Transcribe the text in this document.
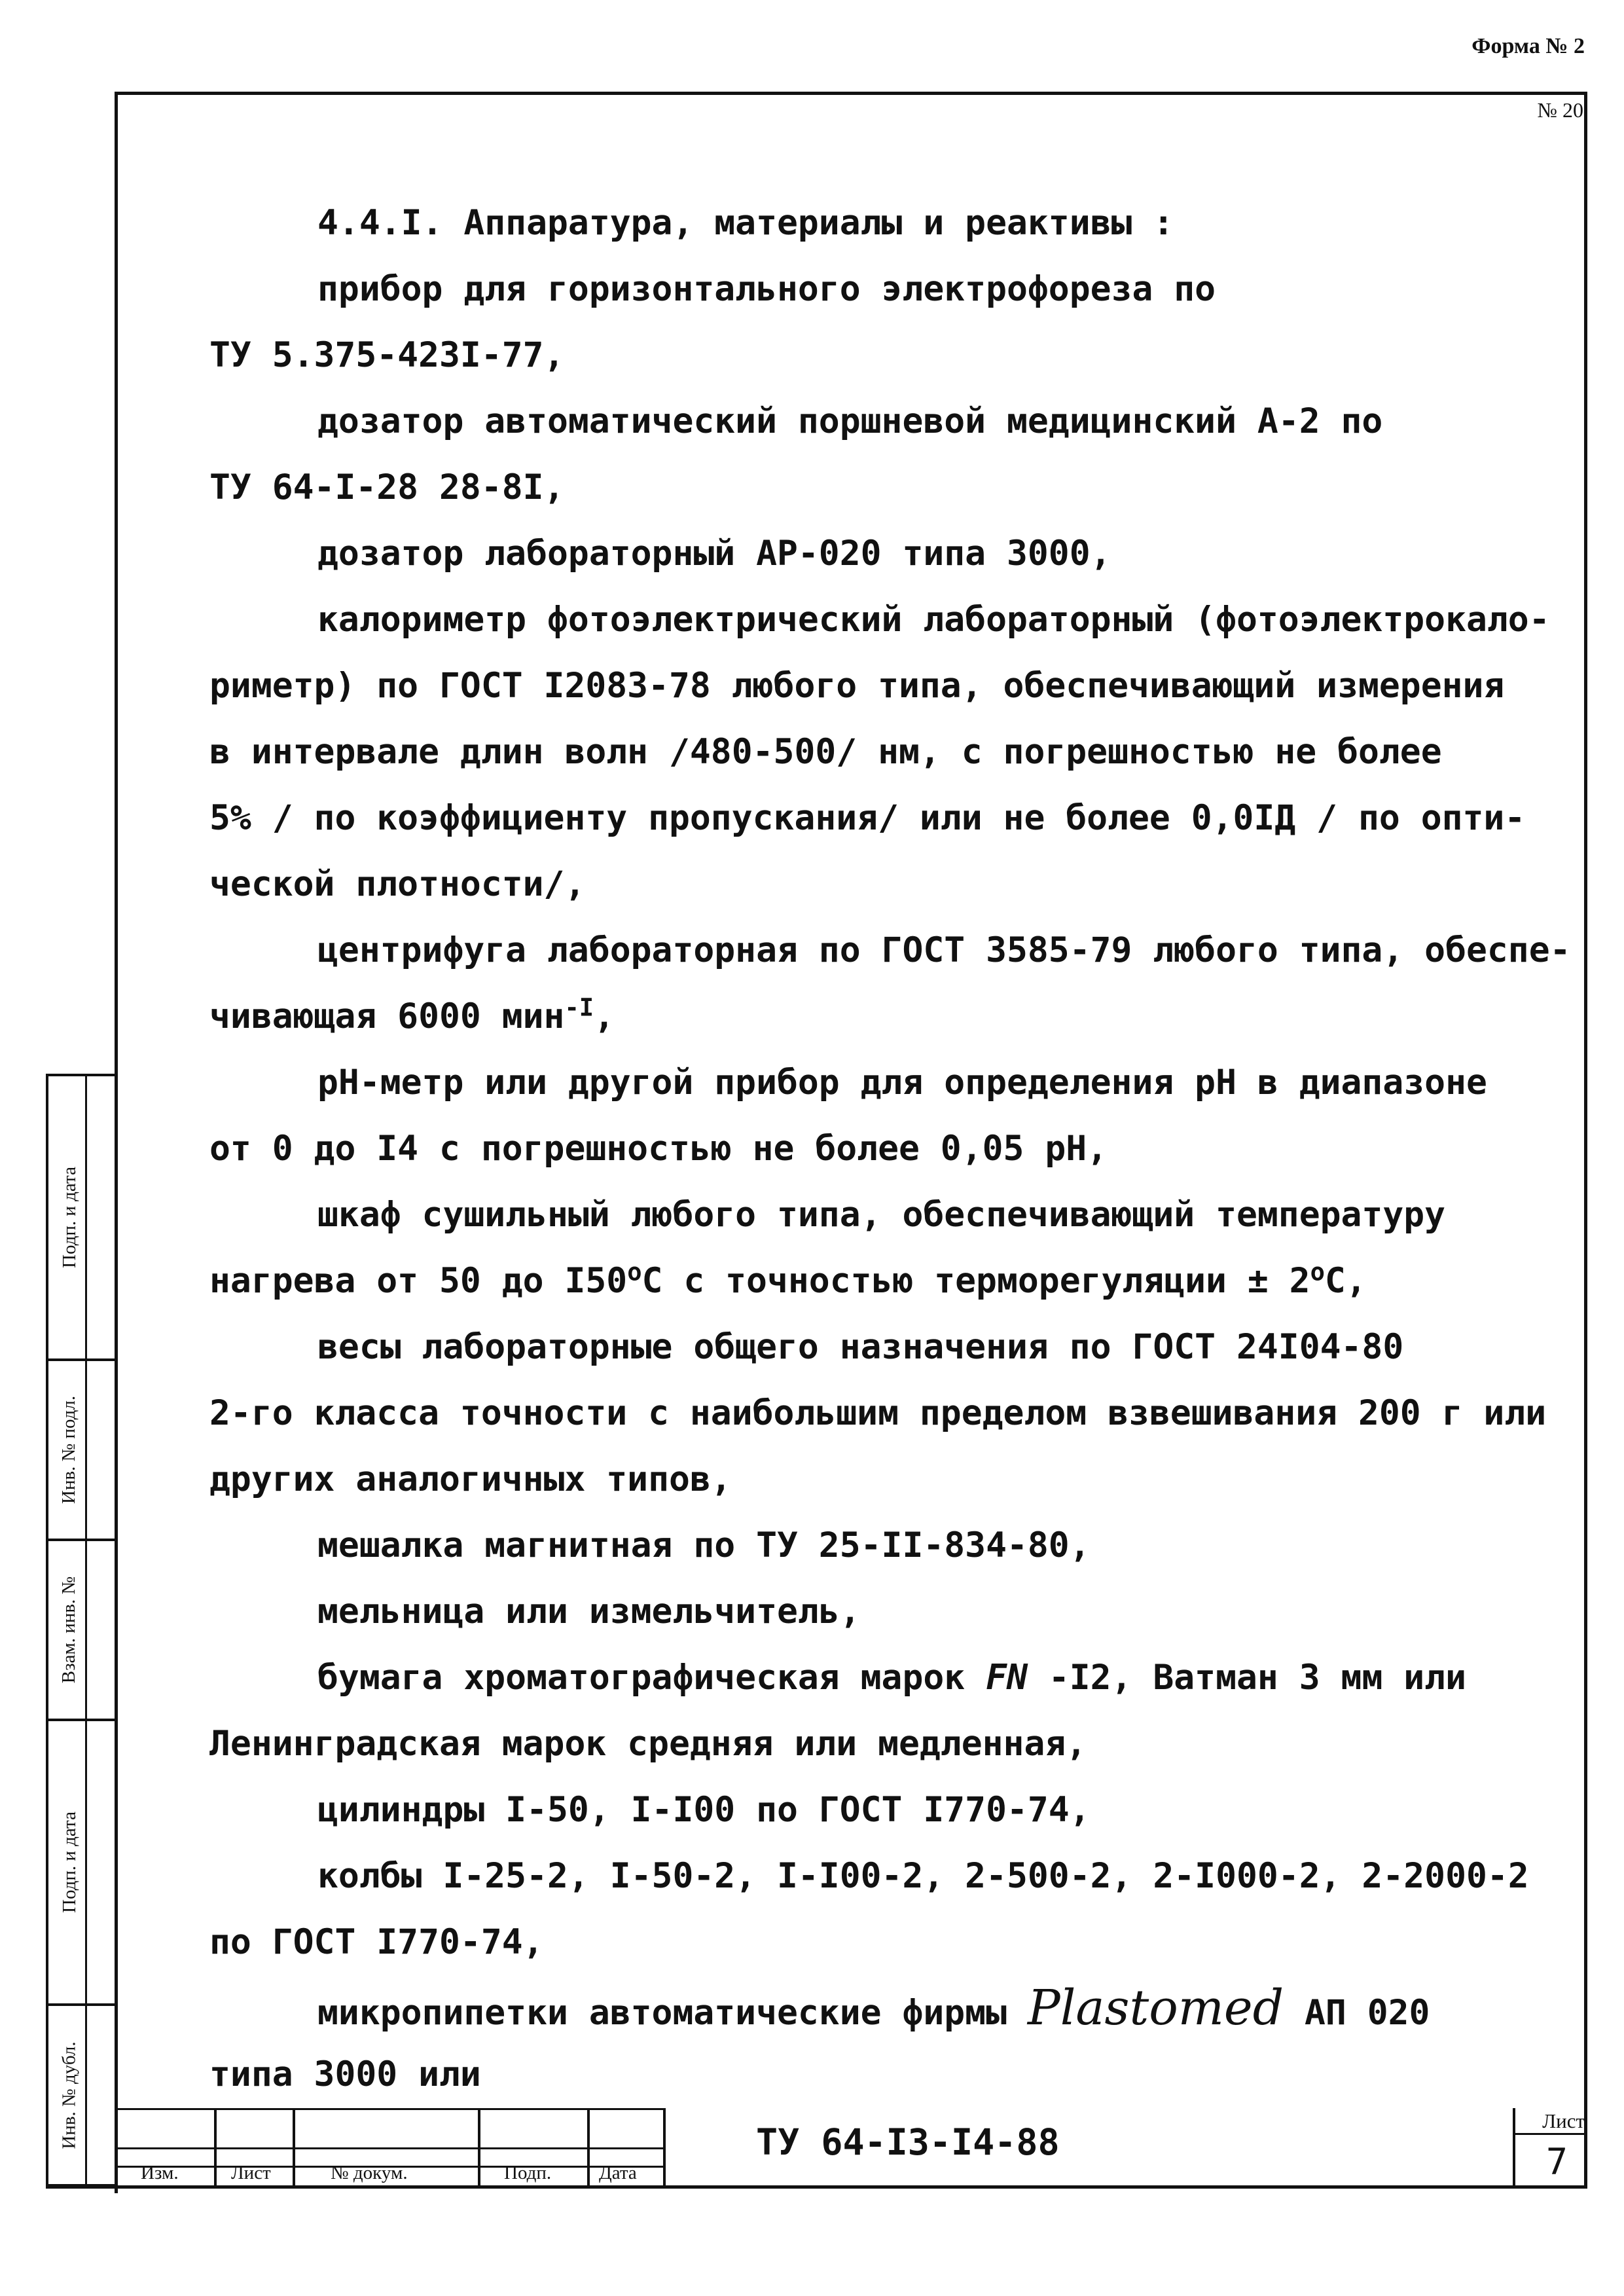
Форма № 2
№ 20
4.4.I. Аппаратура, материалы и реактивы :
прибор для горизонтального электрофореза по
ТУ 5.375-423I-77,
дозатор автоматический поршневой медицинский А-2 по
ТУ 64-I-28 28-8I,
дозатор лабораторный АР-020 типа 3000,
калориметр фотоэлектрический лабораторный (фотоэлектрокало-
риметр) по ГОСТ I2083-78 любого типа, обеспечивающий измерения
в интервале длин волн /480-500/ нм, с погрешностью не более
5% / по коэффициенту пропускания/ или не более 0,0IД / по опти-
ческой плотности/,
центрифуга лабораторная по ГОСТ 3585-79 любого типа, обеспе-
чивающая 6000 мин$^{-I}$,
рН-метр или другой прибор для определения рН в диапазоне
от 0 до I4 с погрешностью не более 0,05 рН,
шкаф сушильный любого типа, обеспечивающий температуру
нагрева от 50 до $I50^оС$ с точностью терморегуляции ± $2^оС$,
весы лабораторные общего назначения по ГОСТ 24I04-80
2-го класса точности с наибольшим пределом взвешивания 200 г или
других аналогичных типов,
мешалка магнитная по ТУ 25-II-834-80,
мельница или измельчитель,
бумага хроматографическая марок FN -I2, Ватман 3 мм или
Ленинградская марок средняя или медленная,
цилиндры I-50, I-I00 по ГОСТ I770-74,
колбы I-25-2, I-50-2, I-I00-2, 2-500-2, 2-I000-2, 2-2000-2
по ГОСТ I770-74,
микропипетки автоматические фирмы Plastomed АП 020
типа 3000 или
Подп. и дата
Инв. № подл.
Взам. инв. №
Подп. и дата
Инв. № дубл.
Изм.	Лист	№ докум.	Подп.	Дата
ТУ 64-I3-I4-88
Лист
7
